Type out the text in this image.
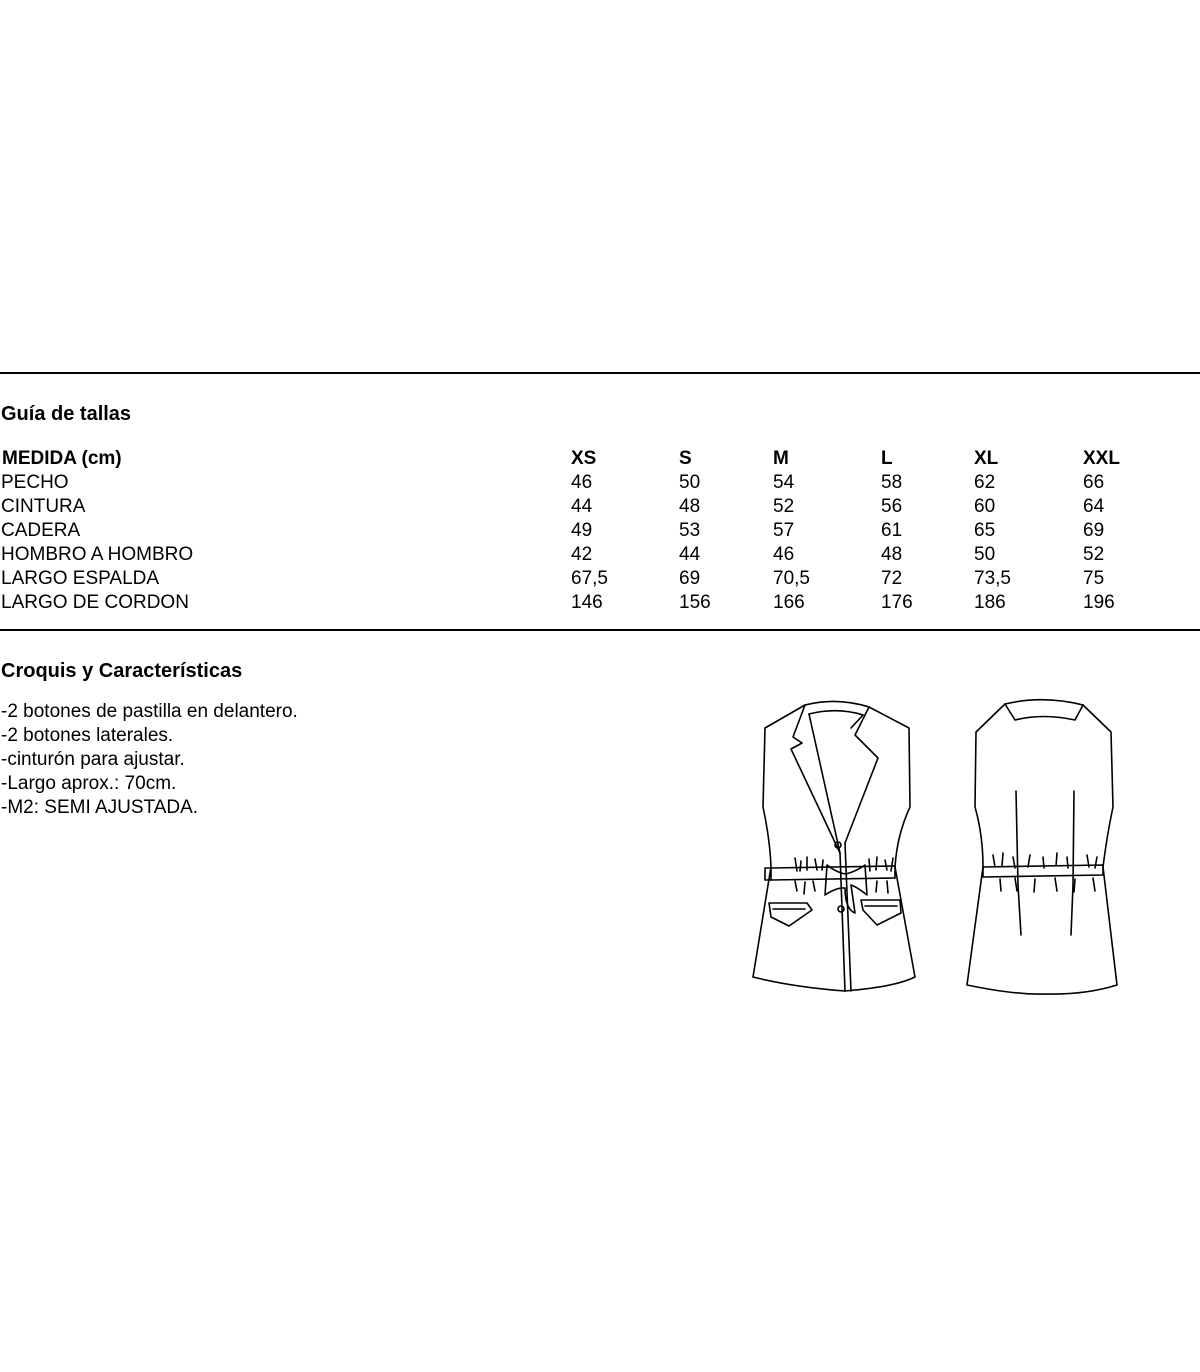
Guía de tallas
MEDIDA (cm)	XS	S	M	L	XL	XXL
PECHO	46	50	54	58	62	66
CINTURA	44	48	52	56	60	64
CADERA	49	53	57	61	65	69
HOMBRO A HOMBRO	42	44	46	48	50	52
LARGO ESPALDA	67,5	69	70,5	72	73,5	75
LARGO DE CORDON	146	156	166	176	186	196
Croquis y Características
-2 botones de pastilla en delantero.
-2 botones laterales.
-cinturón para ajustar.
-Largo aprox.: 70cm.
-M2: SEMI AJUSTADA.
